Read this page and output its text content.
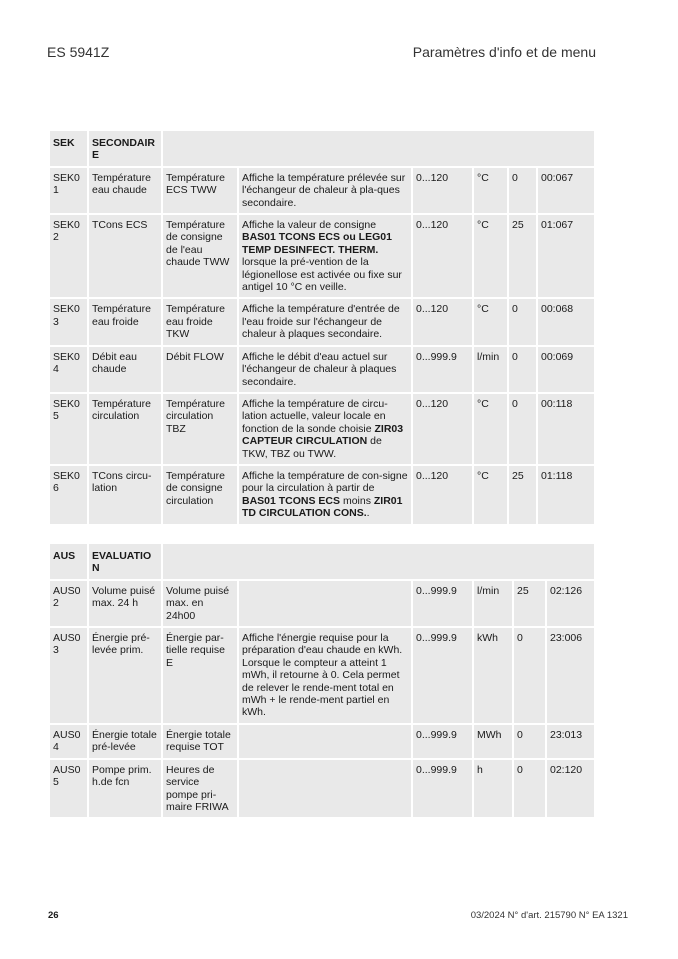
ES 5941Z	Paramètres d'info et de menu
SEK	SECONDAIRE						
SEK01	Température eau chaude	Température ECS TWW	Affiche la température prélevée sur l'échangeur de chaleur à pla-ques secondaire.	0...120	°C	0	00:067
SEK02	TCons ECS	Température de consigne de l'eau chaude TWW	Affiche la valeur de consigne BAS01 TCONS ECS ou LEG01 TEMP DESINFECT. THERM. lorsque la pré-vention de la légionellose est activée ou fixe sur antigel 10 °C en veille.	0...120	°C	25	01:067
SEK03	Température eau froide	Température eau froide TKW	Affiche la température d'entrée de l'eau froide sur l'échangeur de chaleur à plaques secondaire.	0...120	°C	0	00:068
SEK04	Débit eau chaude	Débit FLOW	Affiche le débit d'eau actuel sur l'échangeur de chaleur à plaques secondaire.	0...999.9	l/min	0	00:069
SEK05	Température circulation	Température circulation TBZ	Affiche la température de circu-lation actuelle, valeur locale en fonction de la sonde choisie ZIR03 CAPTEUR CIRCULATION de TKW, TBZ ou TWW.	0...120	°C	0	00:118
SEK06	TCons circu-lation	Température de consigne circulation	Affiche la température de con-signe pour la circulation à partir de BAS01 TCONS ECS moins ZIR01 TD CIRCULATION CONS..	0...120	°C	25	01:118
AUS	EVALUATION						
AUS02	Volume puisé max. 24 h	Volume puisé max. en 24h00		0...999.9	l/min	25	02:126
AUS03	Énergie pré-levée prim.	Énergie par-tielle requise E	Affiche l'énergie requise pour la préparation d'eau chaude en kWh. Lorsque le compteur a atteint 1 mWh, il retourne à 0. Cela permet de relever le rende-ment total en mWh + le rende-ment partiel en kWh.	0...999.9	kWh	0	23:006
AUS04	Énergie totale pré-levée	Énergie totale requise TOT		0...999.9	MWh	0	23:013
AUS05	Pompe prim. h.de fcn	Heures de service pompe pri-maire FRIWA		0...999.9	h	0	02:120
26	03/2024 N° d'art. 215790 N° EA 1321
